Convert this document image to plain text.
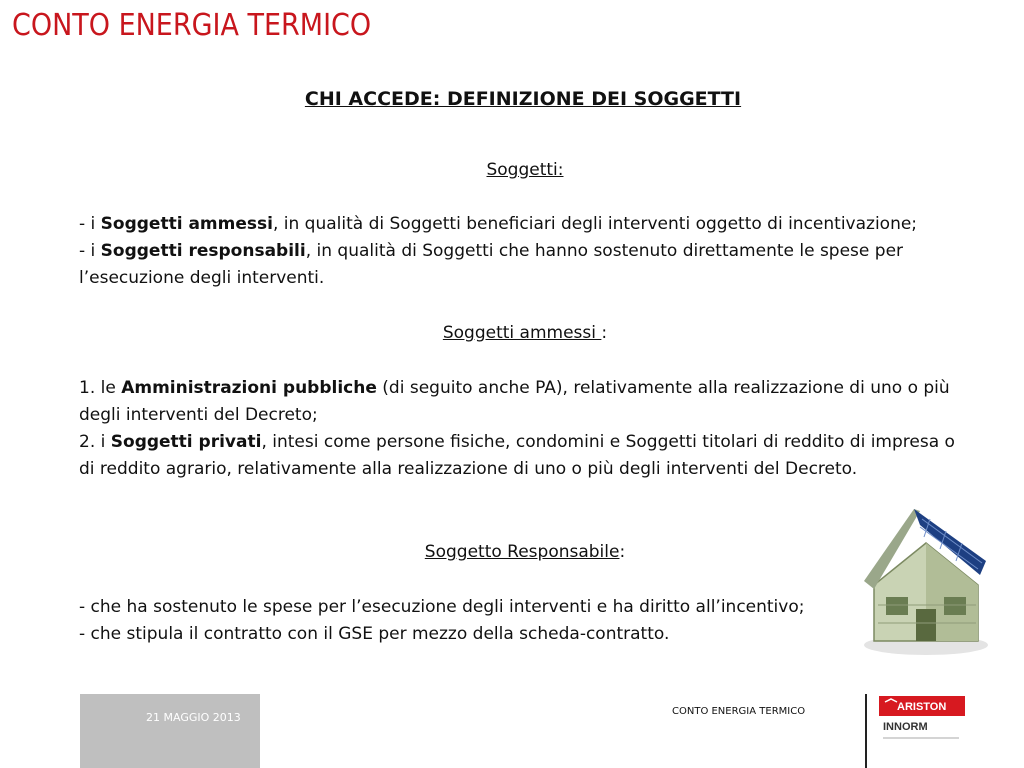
CONTO ENERGIA TERMICO
CHI ACCEDE: DEFINIZIONE DEI SOGGETTI

Soggetti:

- i Soggetti ammessi, in qualità di Soggetti beneficiari degli interventi oggetto di incentivazione;

- i Soggetti responsabili, in qualità di Soggetti che hanno sostenuto direttamente le spese per l’esecuzione degli interventi.

Soggetti ammessi :

1. le Amministrazioni pubbliche (di seguito anche PA), relativamente alla realizzazione di uno o più degli interventi del Decreto;

2. i Soggetti privati, intesi come persone fisiche, condomini e Soggetti titolari di reddito di impresa o di reddito agrario, relativamente alla realizzazione di uno o più degli interventi del Decreto.

Soggetto Responsabile:

- che ha sostenuto le spese per l’esecuzione degli interventi e ha diritto all’incentivo;

- che stipula il contratto con il GSE per mezzo della scheda-contratto.

21 MAGGIO 2013	CONTO ENERGIA TERMICO	ARISTON
INNORM
